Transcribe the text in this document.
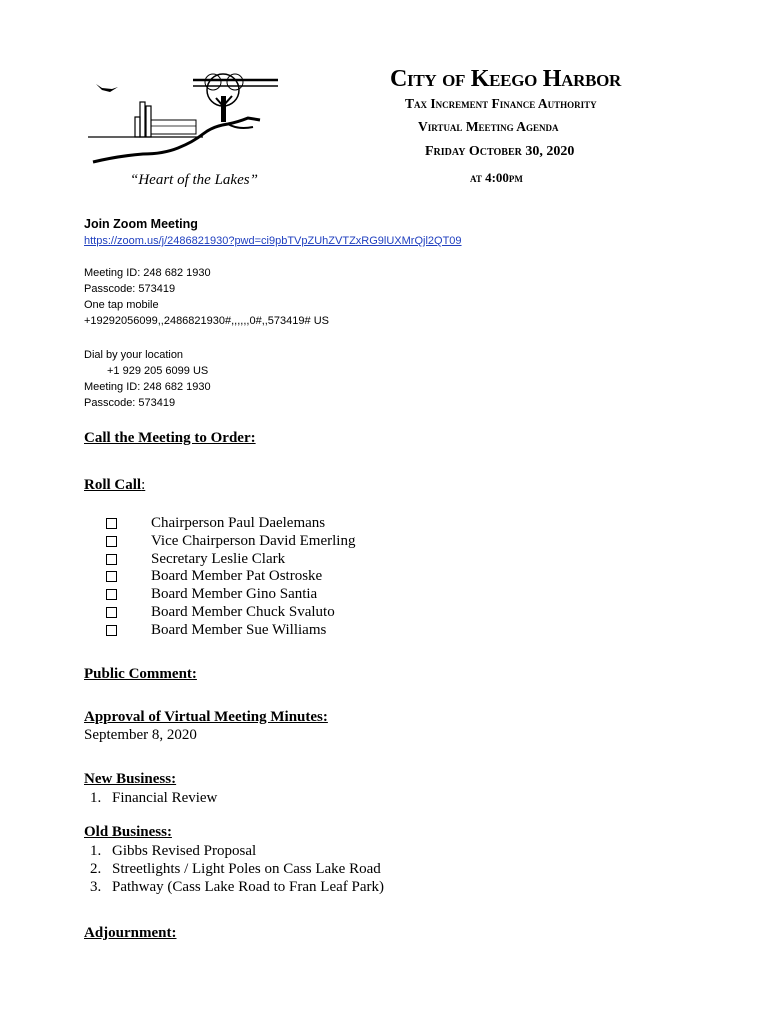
“Heart of the Lakes”
City of Keego Harbor
Tax Increment Finance Authority
Virtual Meeting Agenda
Friday October 30, 2020
at 4:00pm
Join Zoom Meeting
https://zoom.us/j/2486821930?pwd=ci9pbTVpZUhZVTZxRG9lUXMrQjl2QT09
Meeting ID: 248 682 1930
Passcode: 573419
One tap mobile
+19292056099,,2486821930#,,,,,,0#,,573419# US
Dial by your location
+1 929 205 6099 US
Meeting ID: 248 682 1930
Passcode: 573419
Call the Meeting to Order:
Roll Call:
Chairperson Paul Daelemans
Vice Chairperson David Emerling
Secretary Leslie Clark
Board Member Pat Ostroske
Board Member Gino Santia
Board Member Chuck Svaluto
Board Member Sue Williams
Public Comment:
Approval of Virtual Meeting Minutes:
September 8, 2020
New Business:
1. Financial Review
Old Business:
1. Gibbs Revised Proposal
2. Streetlights / Light Poles on Cass Lake Road
3. Pathway (Cass Lake Road to Fran Leaf Park)
Adjournment:
